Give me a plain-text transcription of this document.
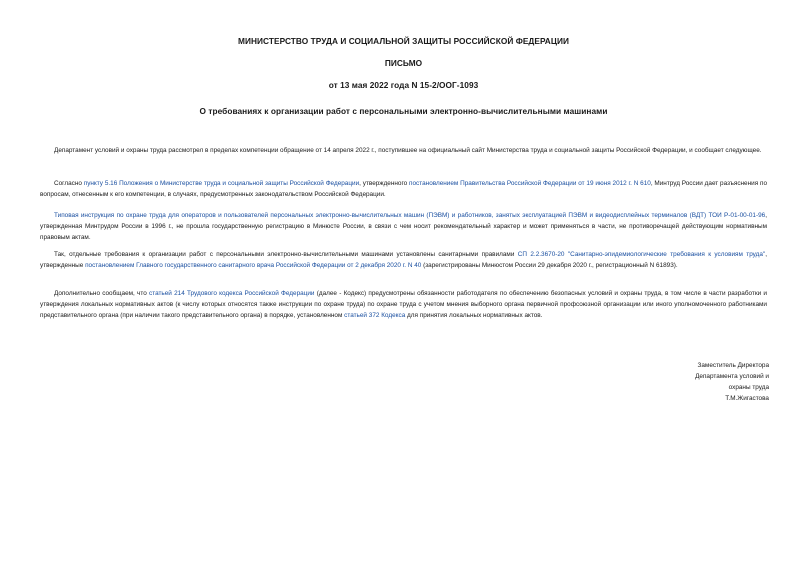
МИНИСТЕРСТВО ТРУДА И СОЦИАЛЬНОЙ ЗАЩИТЫ РОССИЙСКОЙ ФЕДЕРАЦИИ
ПИСЬМО
от 13 мая 2022 года N 15-2/ООГ-1093
О требованиях к организации работ с персональными электронно-вычислительными машинами

Департамент условий и охраны труда рассмотрел в пределах компетенции обращение от 14 апреля 2022 г., поступившее на официальный сайт Министерства труда и социальной защиты Российской Федерации, и сообщает следующее.

Согласно пункту 5.16 Положения о Министерстве труда и социальной защиты Российской Федерации, утвержденного постановлением Правительства Российской Федерации от 19 июня 2012 г. N 610, Минтруд России дает разъяснения по вопросам, отнесенным к его компетенции, в случаях, предусмотренных законодательством Российской Федерации.

Типовая инструкция по охране труда для операторов и пользователей персональных электронно-вычислительных машин (ПЭВМ) и работников, занятых эксплуатацией ПЭВМ и видеодисплейных терминалов (ВДТ) ТОИ Р-01-00-01-96, утвержденная Минтрудом России в 1996 г., не прошла государственную регистрацию в Минюсте России, в связи с чем носит рекомендательный характер и может применяться в части, не противоречащей действующим нормативным правовым актам.

Так, отдельные требования к организации работ с персональными электронно-вычислительными машинами установлены санитарными правилами СП 2.2.3670-20 "Санитарно-эпидемиологические требования к условиям труда", утвержденные постановлением Главного государственного санитарного врача Российской Федерации от 2 декабря 2020 г. N 40 (зарегистрированы Минюстом России 29 декабря 2020 г., регистрационный N 61893).

Дополнительно сообщаем, что статьей 214 Трудового кодекса Российской Федерации (далее - Кодекс) предусмотрены обязанности работодателя по обеспечению безопасных условий и охраны труда, в том числе в части разработки и утверждения локальных нормативных актов (к числу которых относятся также инструкции по охране труда) по охране труда с учетом мнения выборного органа первичной профсоюзной организации или иного уполномоченного работниками представительного органа (при наличии такого представительного органа) в порядке, установленном статьей 372 Кодекса для принятия локальных нормативных актов.

Заместитель Директора
Департамента условий и
охраны труда
Т.М.Жигастова
